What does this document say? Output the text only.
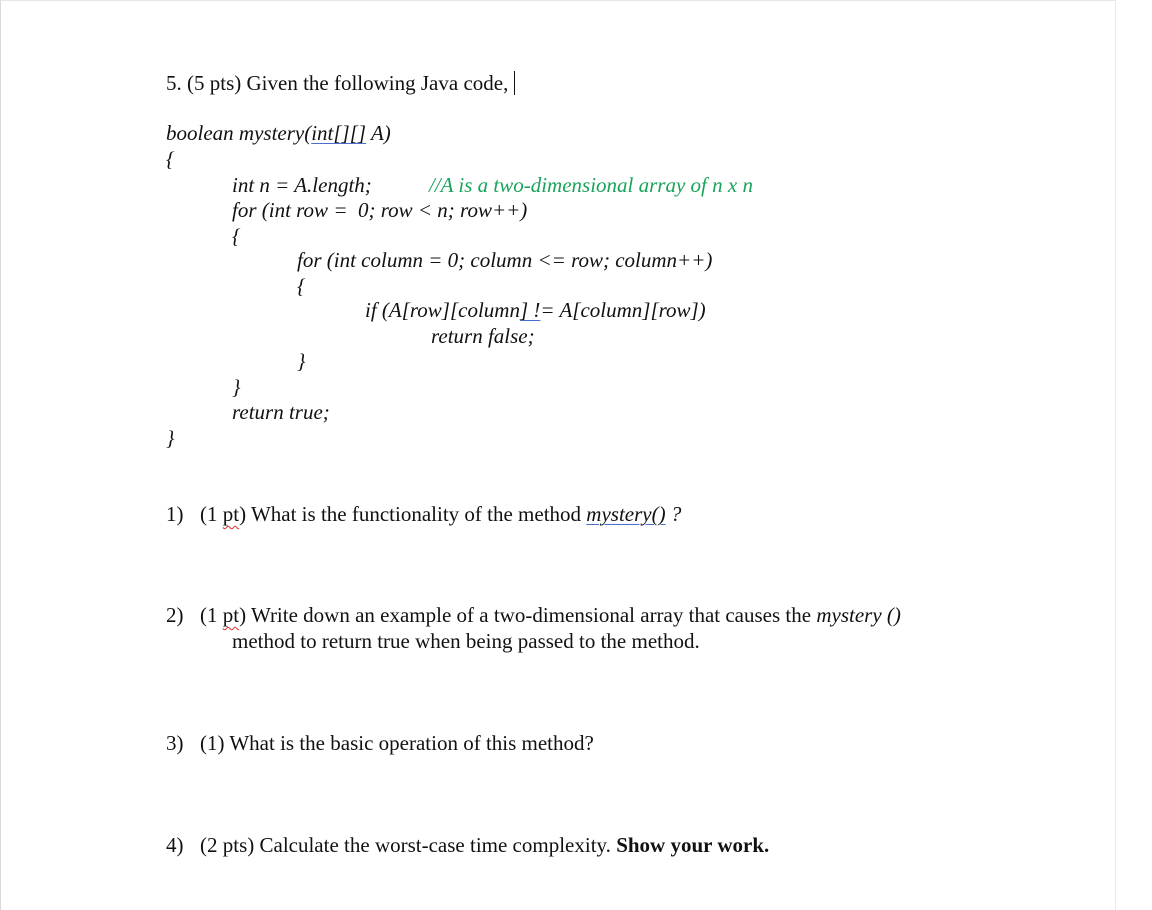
5. (5 pts) Given the following Java code,
boolean mystery(int[][] A)
{
int n = A.length;	//A is a two-dimensional array of n x n
for (int row =  0; row < n; row++)
{
for (int column = 0; column <= row; column++)
{
if (A[row][column] != A[column][row])
return false;
}
}
return true;
}
1) (1 pt) What is the functionality of the method mystery() ?
2) (1 pt) Write down an example of a two-dimensional array that causes the mystery ()
method to return true when being passed to the method.
3) (1) What is the basic operation of this method?
4) (2 pts) Calculate the worst-case time complexity. Show your work.
